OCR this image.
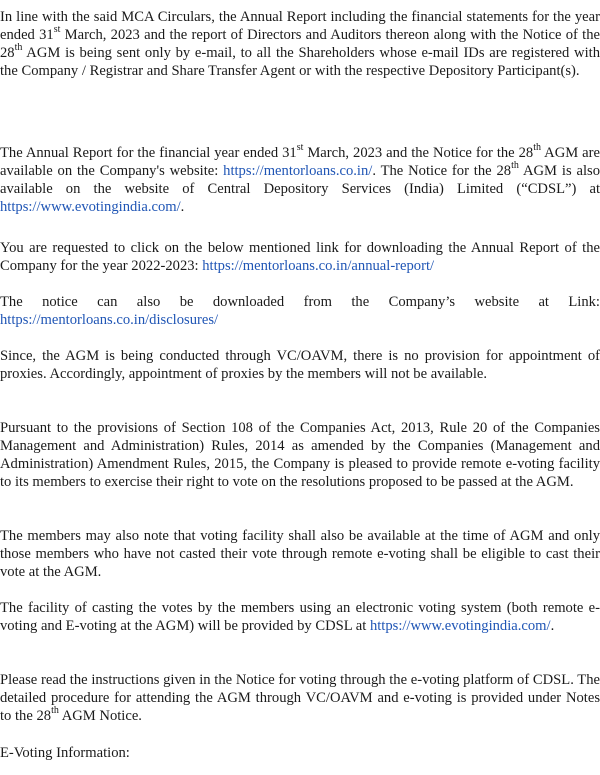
In line with the said MCA Circulars, the Annual Report including the financial statements for the year ended 31st March, 2023 and the report of Directors and Auditors thereon along with the Notice of the 28th AGM is being sent only by e-mail, to all the Shareholders whose e-mail IDs are registered with the Company / Registrar and Share Transfer Agent or with the respective Depository Participant(s).

The Annual Report for the financial year ended 31st March, 2023 and the Notice for the 28th AGM are available on the Company's website: https://mentorloans.co.in/. The Notice for the 28th AGM is also available on the website of Central Depository Services (India) Limited (“CDSL”) at https://www.evotingindia.com/.

You are requested to click on the below mentioned link for downloading the Annual Report of the Company for the year 2022-2023: https://mentorloans.co.in/annual-report/

The notice can also be downloaded from the Company’s website at Link: https://mentorloans.co.in/disclosures/

Since, the AGM is being conducted through VC/OAVM, there is no provision for appointment of proxies. Accordingly, appointment of proxies by the members will not be available.

Pursuant to the provisions of Section 108 of the Companies Act, 2013, Rule 20 of the Companies Management and Administration) Rules, 2014 as amended by the Companies (Management and Administration) Amendment Rules, 2015, the Company is pleased to provide remote e-voting facility to its members to exercise their right to vote on the resolutions proposed to be passed at the AGM.

The members may also note that voting facility shall also be available at the time of AGM and only those members who have not casted their vote through remote e-voting shall be eligible to cast their vote at the AGM.

The facility of casting the votes by the members using an electronic voting system (both remote e-voting and E-voting at the AGM) will be provided by CDSL at https://www.evotingindia.com/.

Please read the instructions given in the Notice for voting through the e-voting platform of CDSL. The detailed procedure for attending the AGM through VC/OAVM and e-voting is provided under Notes to the 28th AGM Notice.

E-Voting Information:
